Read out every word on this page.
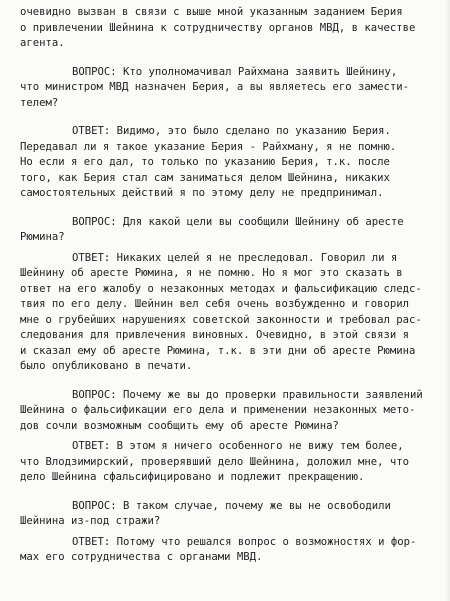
очевидно вызван в связи с выше мной указанным заданием Берия
о привлечении Шейнина к сотрудничеству органов МВД, в качестве
агента.
ВОПРОС: Кто уполномачивал Райхмана заявить Шейнину,
что министром МВД назначен Берия, а вы являетесь его замести-
телем?
ОТВЕТ: Видимо, это было сделано по указанию Берия.
Передавал ли я такое указание Берия - Райхману, я не помню.
Но если я его дал, то только по указанию Берия, т.к. после
того, как Берия стал сам заниматься делом Шейнина, никаких
самостоятельных действий я по этому делу не предпринимал.
ВОПРОС: Для какой цели вы сообщили Шейнину об аресте
Рюмина?
ОТВЕТ: Никаких целей я не преследовал. Говорил ли я
Шейнину об аресте Рюмина, я не помню. Но я мог это сказать в
ответ на его жалобу о незаконных методах и фальсификацию следс-
твия по его делу. Шейнин вел себя очень возбужденно и говорил
мне о грубейших нарушениях советской законности и требовал рас-
следования для привлечения виновных. Очевидно, в этой связи я
и сказал ему об аресте Рюмина, т.к. в эти дни об аресте Рюмина
было опубликовано в печати.
ВОПРОС: Почему же вы до проверки правильности заявлений
Шейнина о фальсификации его дела и применении незаконных мето-
дов сочли возможным сообщить ему об аресте Рюмина?
ОТВЕТ: В этом я ничего особенного не вижу тем более,
что Влодзимирский, проверявший дело Шейнина, доложил мне, что
дело Шейнина сфальсифицировано и подлежит прекращению.
ВОПРОС: В таком случае, почему же вы не освободили
Шейнина из-под стражи?
ОТВЕТ: Потому что решался вопрос о возможностях и фор-
мах его сотрудничества с органами МВД.
